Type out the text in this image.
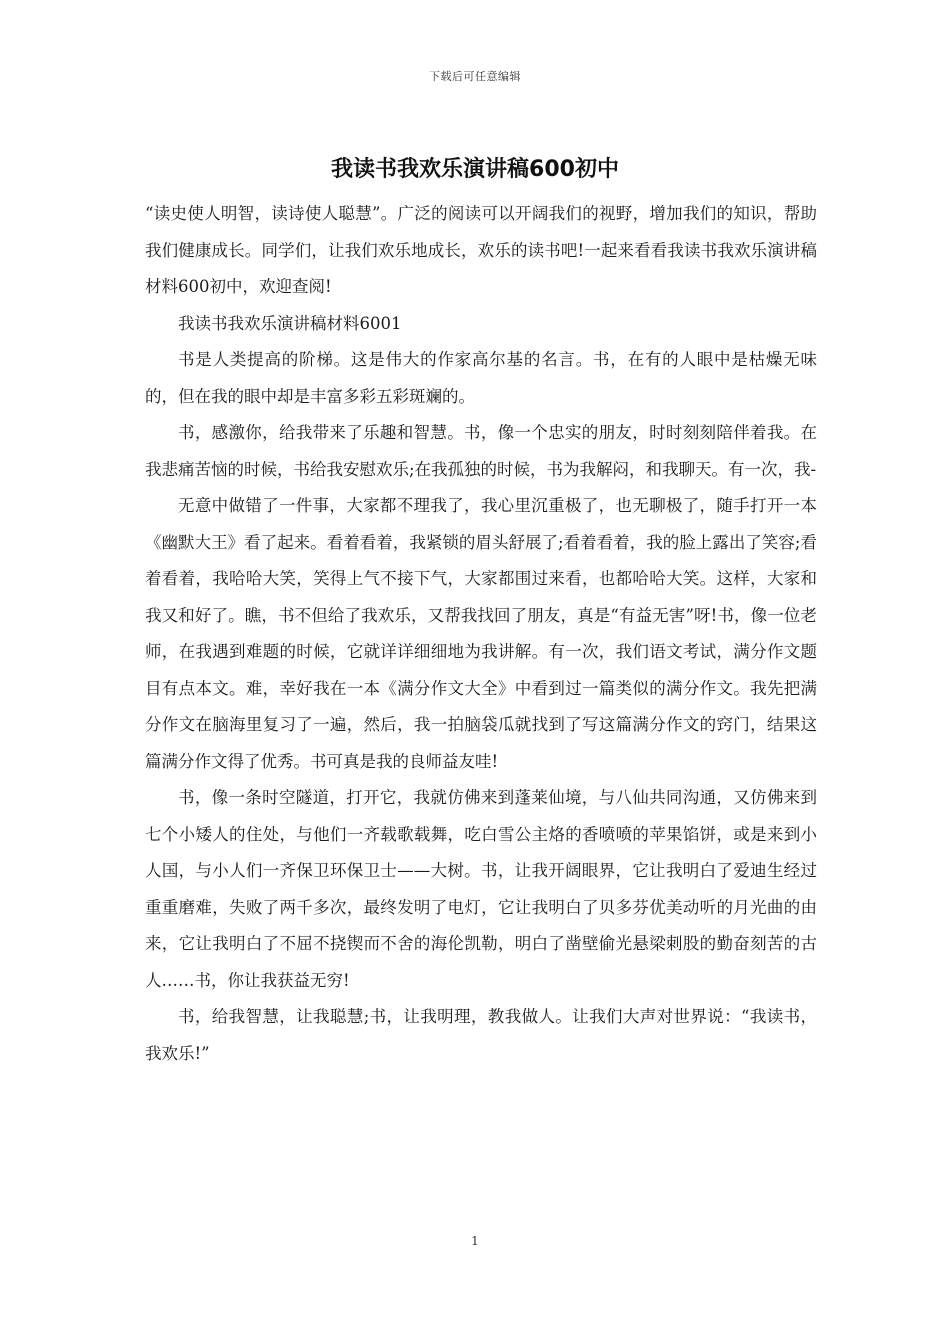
下载后可任意编辑
我读书我欢乐演讲稿600初中

“读史使人明智，读诗使人聪慧”。广泛的阅读可以开阔我们的视野，增加我们的知识，帮助我们健康成长。同学们，让我们欢乐地成长，欢乐的读书吧!一起来看看我读书我欢乐演讲稿材料600初中，欢迎查阅!

我读书我欢乐演讲稿材料6001

书是人类提高的阶梯。这是伟大的作家高尔基的名言。书，在有的人眼中是枯燥无味的，但在我的眼中却是丰富多彩五彩斑斓的。

书，感激你，给我带来了乐趣和智慧。书，像一个忠实的朋友，时时刻刻陪伴着我。在我悲痛苦恼的时候，书给我安慰欢乐;在我孤独的时候，书为我解闷，和我聊天。有一次，我-

无意中做错了一件事，大家都不理我了，我心里沉重极了，也无聊极了，随手打开一本《幽默大王》看了起来。看着看着，我紧锁的眉头舒展了;看着看着，我的脸上露出了笑容;看着看着，我哈哈大笑，笑得上气不接下气，大家都围过来看，也都哈哈大笑。这样，大家和我又和好了。瞧，书不但给了我欢乐，又帮我找回了朋友，真是“有益无害”呀!书，像一位老师，在我遇到难题的时候，它就详详细细地为我讲解。有一次，我们语文考试，满分作文题目有点本文。难，幸好我在一本《满分作文大全》中看到过一篇类似的满分作文。我先把满分作文在脑海里复习了一遍，然后，我一拍脑袋瓜就找到了写这篇满分作文的窍门，结果这篇满分作文得了优秀。书可真是我的良师益友哇!

书，像一条时空隧道，打开它，我就仿佛来到蓬莱仙境，与八仙共同沟通，又仿佛来到七个小矮人的住处，与他们一齐载歌载舞，吃白雪公主烙的香喷喷的苹果馅饼，或是来到小人国，与小人们一齐保卫环保卫士——大树。书，让我开阔眼界，它让我明白了爱迪生经过重重磨难，失败了两千多次，最终发明了电灯，它让我明白了贝多芬优美动听的月光曲的由来，它让我明白了不屈不挠锲而不舍的海伦凯勒，明白了凿壁偷光悬梁刺股的勤奋刻苦的古人……书，你让我获益无穷!

书，给我智慧，让我聪慧;书，让我明理，教我做人。让我们大声对世界说：“我读书，我欢乐!”

1
